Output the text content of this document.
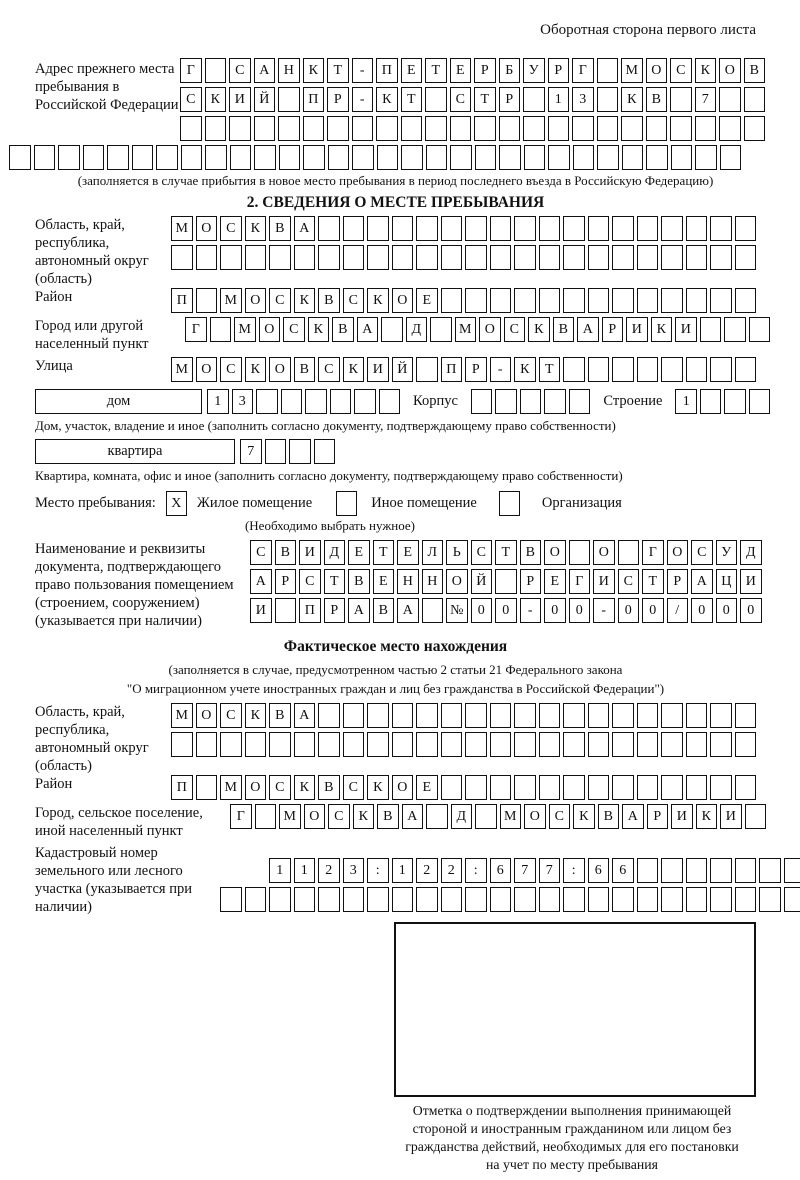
Оборотная сторона первого листа
Адрес прежнего места пребывания в Российской Федерации
Г	С	А	Н	К	Т	-	П	Е	Т	Е	Р	Б	У	Р	Г	М О	С	К	О	В
С	К	И	Й	П	Р	-	К	Т	С	Т	Р	1	3	К	В	7
(заполняется в случае прибытия в новое место пребывания в период последнего въезда в Российскую Федерацию)
2. СВЕДЕНИЯ О МЕСТЕ ПРЕБЫВАНИЯ
Область, край, республика, автономный округ (область)
М О	С	К	В	А
Район	П	М О	С	К	В	С	К	О	Е
Город или другой населенный пункт
Г	М О	С	К	В	А	Д	М О	С	К	В	А	Р	И	К	И
Улица	М О	С	К	О	В	С	К	И	Й	П	Р	-	К	Т
дом	1	3	Корпус	Строение	1
Дом, участок, владение и иное (заполнить согласно документу, подтверждающему право собственности)
квартира	7
Квартира, комната, офис и иное (заполнить согласно документу, подтверждающему право собственности)
Место пребывания:	X	Жилое помещение	Иное помещение	Организация
(Необходимо выбрать нужное)
Наименование и реквизиты документа, подтверждающего право пользования помещением (строением, сооружением) (указывается при наличии)
С	В	И	Д	Е	Т	Е	Л	Ь	С	Т	В	О	О	Г	О	С	У	Д
А	Р	С	Т	В	Е	Н	Н	О	Й	Р	Е	Г	И	С	Т	Р	А	Ц	И
И	П	Р	А	В	А	№	0	0	-	0	0	-	0	0	/	0	0	0
Фактическое место нахождения
(заполняется в случае, предусмотренном частью 2 статьи 21 Федерального закона
"О миграционном учете иностранных граждан и лиц без гражданства в Российской Федерации")
Область, край, республика, автономный округ (область)
М О	С	К	В	А
Район	П	М О	С	К	В	С	К	О	Е
Город, сельское поселение, иной населенный пункт
Г	М О	С	К	В	А	Д	М О	С	К	В	А	Р	И	К	И
Кадастровый номер земельного или лесного участка (указывается при наличии)
1	1	2	3	:	1	2	2	:	6	7	7	:	6	6
Отметка о подтверждении выполнения принимающей
стороной и иностранным гражданином или лицом без
гражданства действий, необходимых для его постановки
на учет по месту пребывания
